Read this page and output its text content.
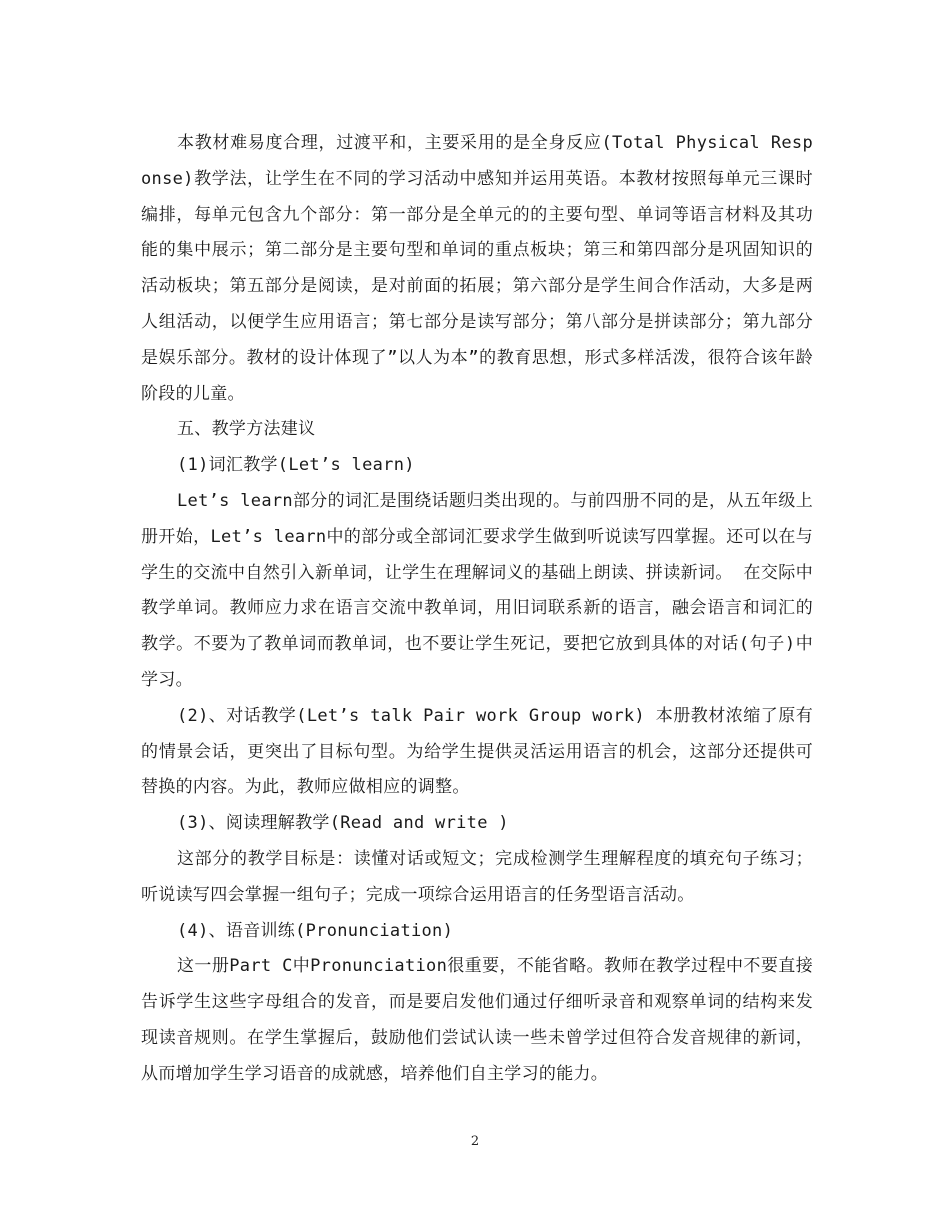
本教材难易度合理，过渡平和，主要采用的是全身反应(Total Physical Response)教学法，让学生在不同的学习活动中感知并运用英语。本教材按照每单元三课时编排，每单元包含九个部分：第一部分是全单元的的主要句型、单词等语言材料及其功能的集中展示；第二部分是主要句型和单词的重点板块；第三和第四部分是巩固知识的活动板块；第五部分是阅读，是对前面的拓展；第六部分是学生间合作活动，大多是两人组活动，以便学生应用语言；第七部分是读写部分；第八部分是拼读部分；第九部分是娱乐部分。教材的设计体现了”以人为本”的教育思想，形式多样活泼，很符合该年龄阶段的儿童。

五、教学方法建议

(1)词汇教学(Let’s learn)

Let’s learn部分的词汇是围绕话题归类出现的。与前四册不同的是，从五年级上册开始，Let’s learn中的部分或全部词汇要求学生做到听说读写四掌握。还可以在与学生的交流中自然引入新单词，让学生在理解词义的基础上朗读、拼读新词。 在交际中教学单词。教师应力求在语言交流中教单词，用旧词联系新的语言，融会语言和词汇的教学。不要为了教单词而教单词，也不要让学生死记，要把它放到具体的对话(句子)中学习。

(2)、对话教学(Let’s talk Pair work Group work) 本册教材浓缩了原有的情景会话，更突出了目标句型。为给学生提供灵活运用语言的机会，这部分还提供可替换的内容。为此，教师应做相应的调整。

(3)、阅读理解教学(Read and write )

这部分的教学目标是：读懂对话或短文；完成检测学生理解程度的填充句子练习；听说读写四会掌握一组句子；完成一项综合运用语言的任务型语言活动。

(4)、语音训练(Pronunciation)

这一册Part C中Pronunciation很重要，不能省略。教师在教学过程中不要直接告诉学生这些字母组合的发音，而是要启发他们通过仔细听录音和观察单词的结构来发现读音规则。在学生掌握后，鼓励他们尝试认读一些未曾学过但符合发音规律的新词，从而增加学生学习语音的成就感，培养他们自主学习的能力。

2
